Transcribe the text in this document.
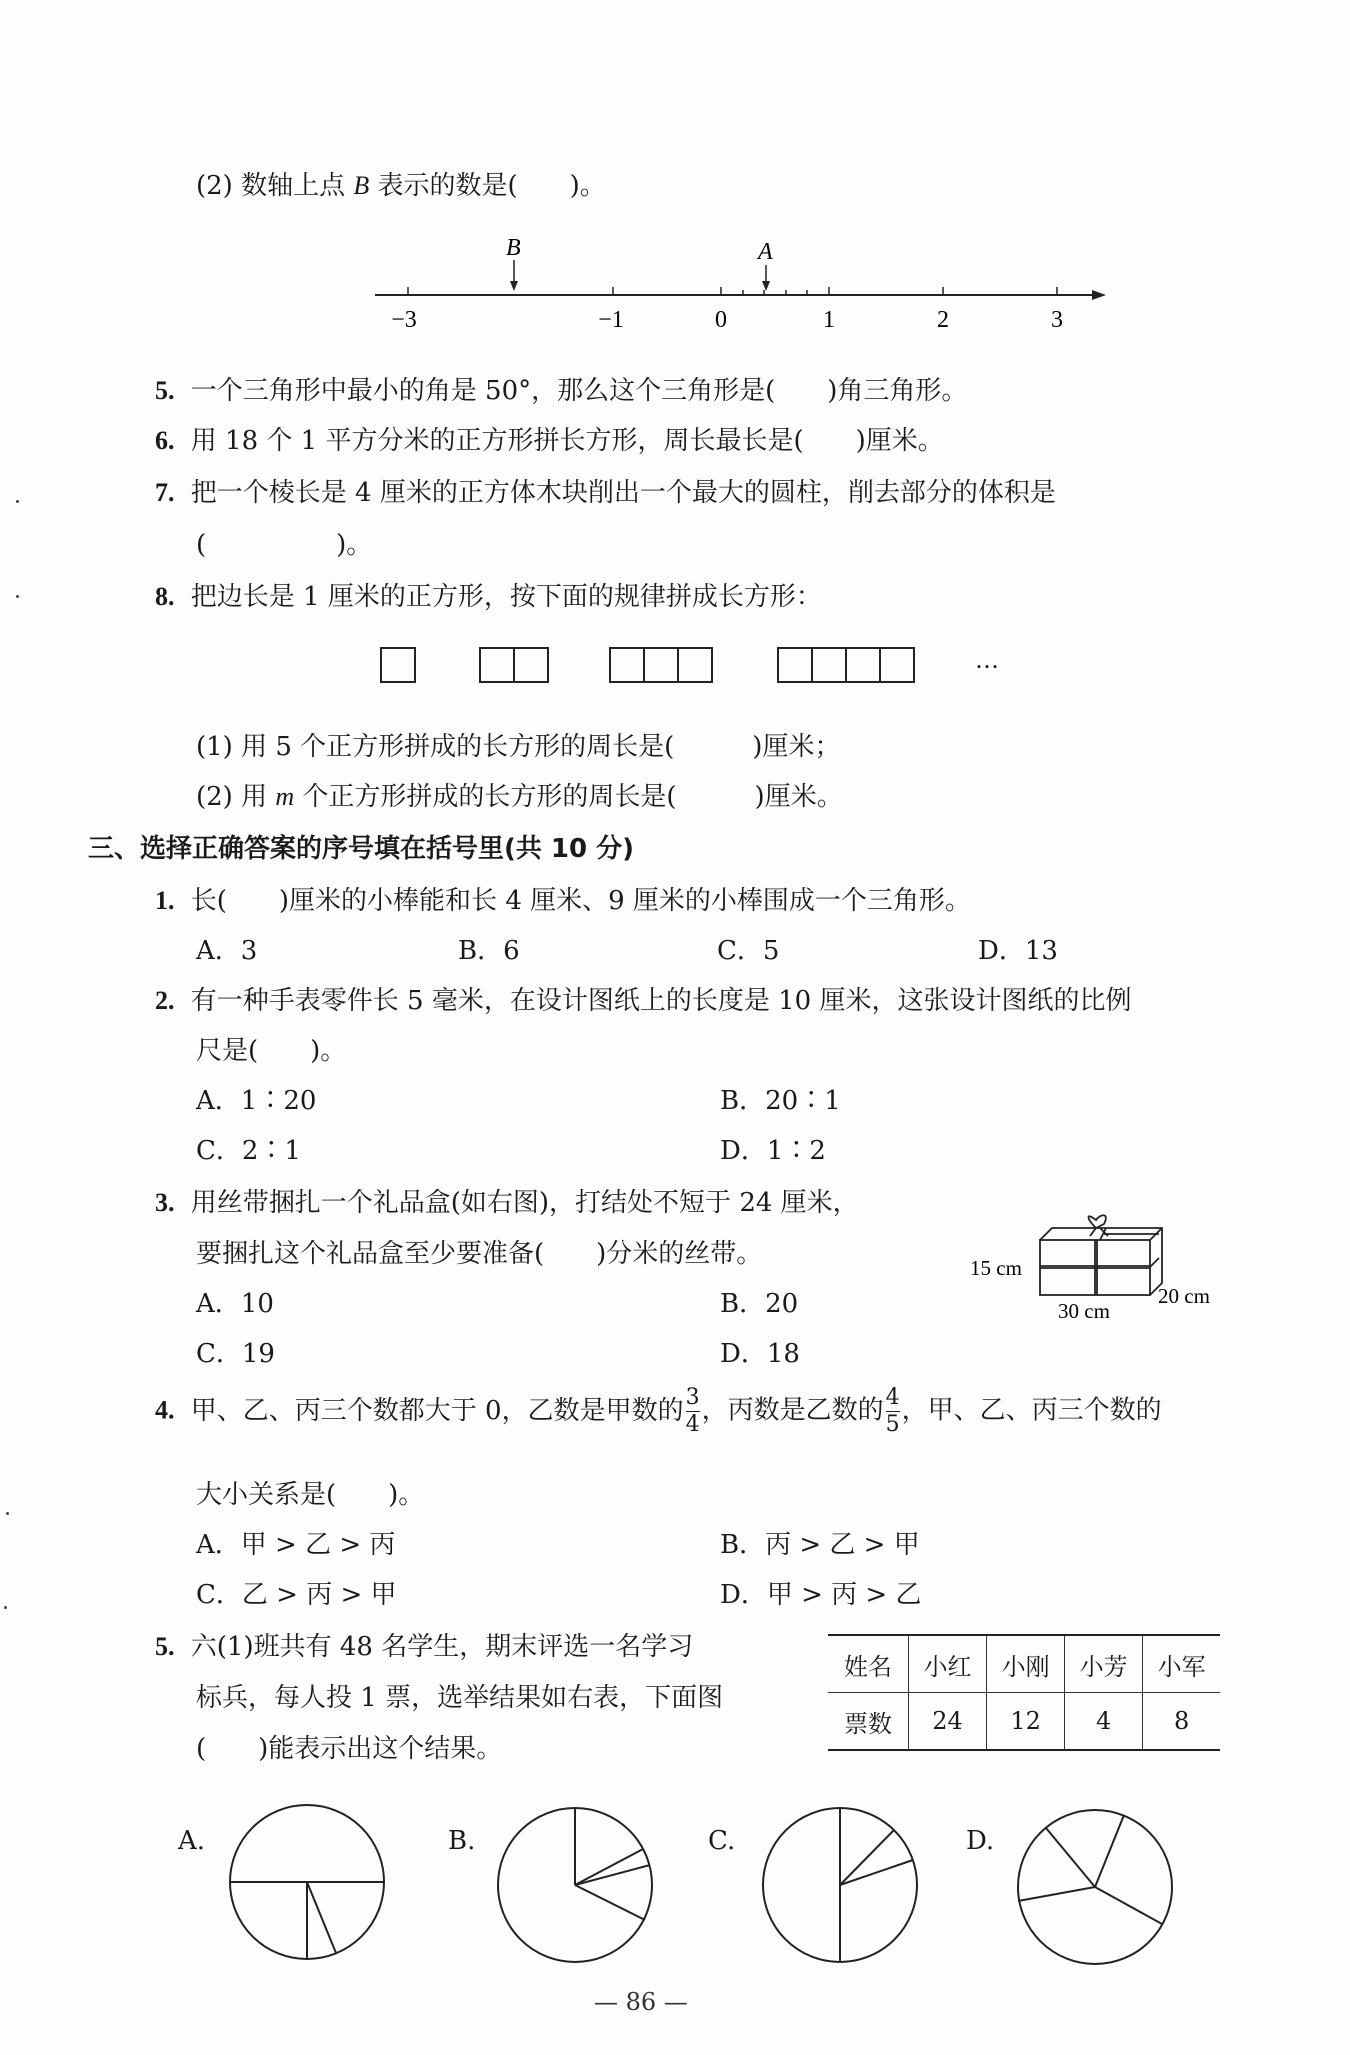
(2) 数轴上点 B 表示的数是(　　)。
B	A
−3	−1	0	1	2	3
5. 一个三角形中最小的角是 50°，那么这个三角形是(　　)角三角形。
6. 用 18 个 1 平方分米的正方形拼长方形，周长最长是(　　)厘米。
7. 把一个棱长是 4 厘米的正方体木块削出一个最大的圆柱，削去部分的体积是
(　　　　　)。
8. 把边长是 1 厘米的正方形，按下面的规律拼成长方形：
…
(1) 用 5 个正方形拼成的长方形的周长是(　　　)厘米；
(2) 用 m 个正方形拼成的长方形的周长是(　　　)厘米。
三、选择正确答案的序号填在括号里(共 10 分)
1. 长(　　)厘米的小棒能和长 4 厘米、9 厘米的小棒围成一个三角形。
A．3	B．6	C．5	D．13
2. 有一种手表零件长 5 毫米，在设计图纸上的长度是 10 厘米，这张设计图纸的比例
尺是(　　)。
A．1∶20	B．20∶1
C．2∶1	D．1∶2
3. 用丝带捆扎一个礼品盒(如右图)，打结处不短于 24 厘米，
要捆扎这个礼品盒至少要准备(　　)分米的丝带。
A．10	B．20
C．19	D．18
15 cm
30 cm
20 cm
4. 甲、乙、丙三个数都大于 0，乙数是甲数的 $\frac{3}{4}$ ，丙数是乙数的 $\frac{4}{5}$ ，甲、乙、丙三个数的
大小关系是(　　)。
A．甲 > 乙 > 丙	B．丙 > 乙 > 甲
C．乙 > 丙 > 甲	D．甲 > 丙 > 乙
5. 六(1)班共有 48 名学生，期末评选一名学习
标兵，每人投 1 票，选举结果如右表，下面图
(　　)能表示出这个结果。
姓名	小红	小刚	小芳	小军
票数	24	12	4	8
A.	B.	C.	D.
— 86 —
